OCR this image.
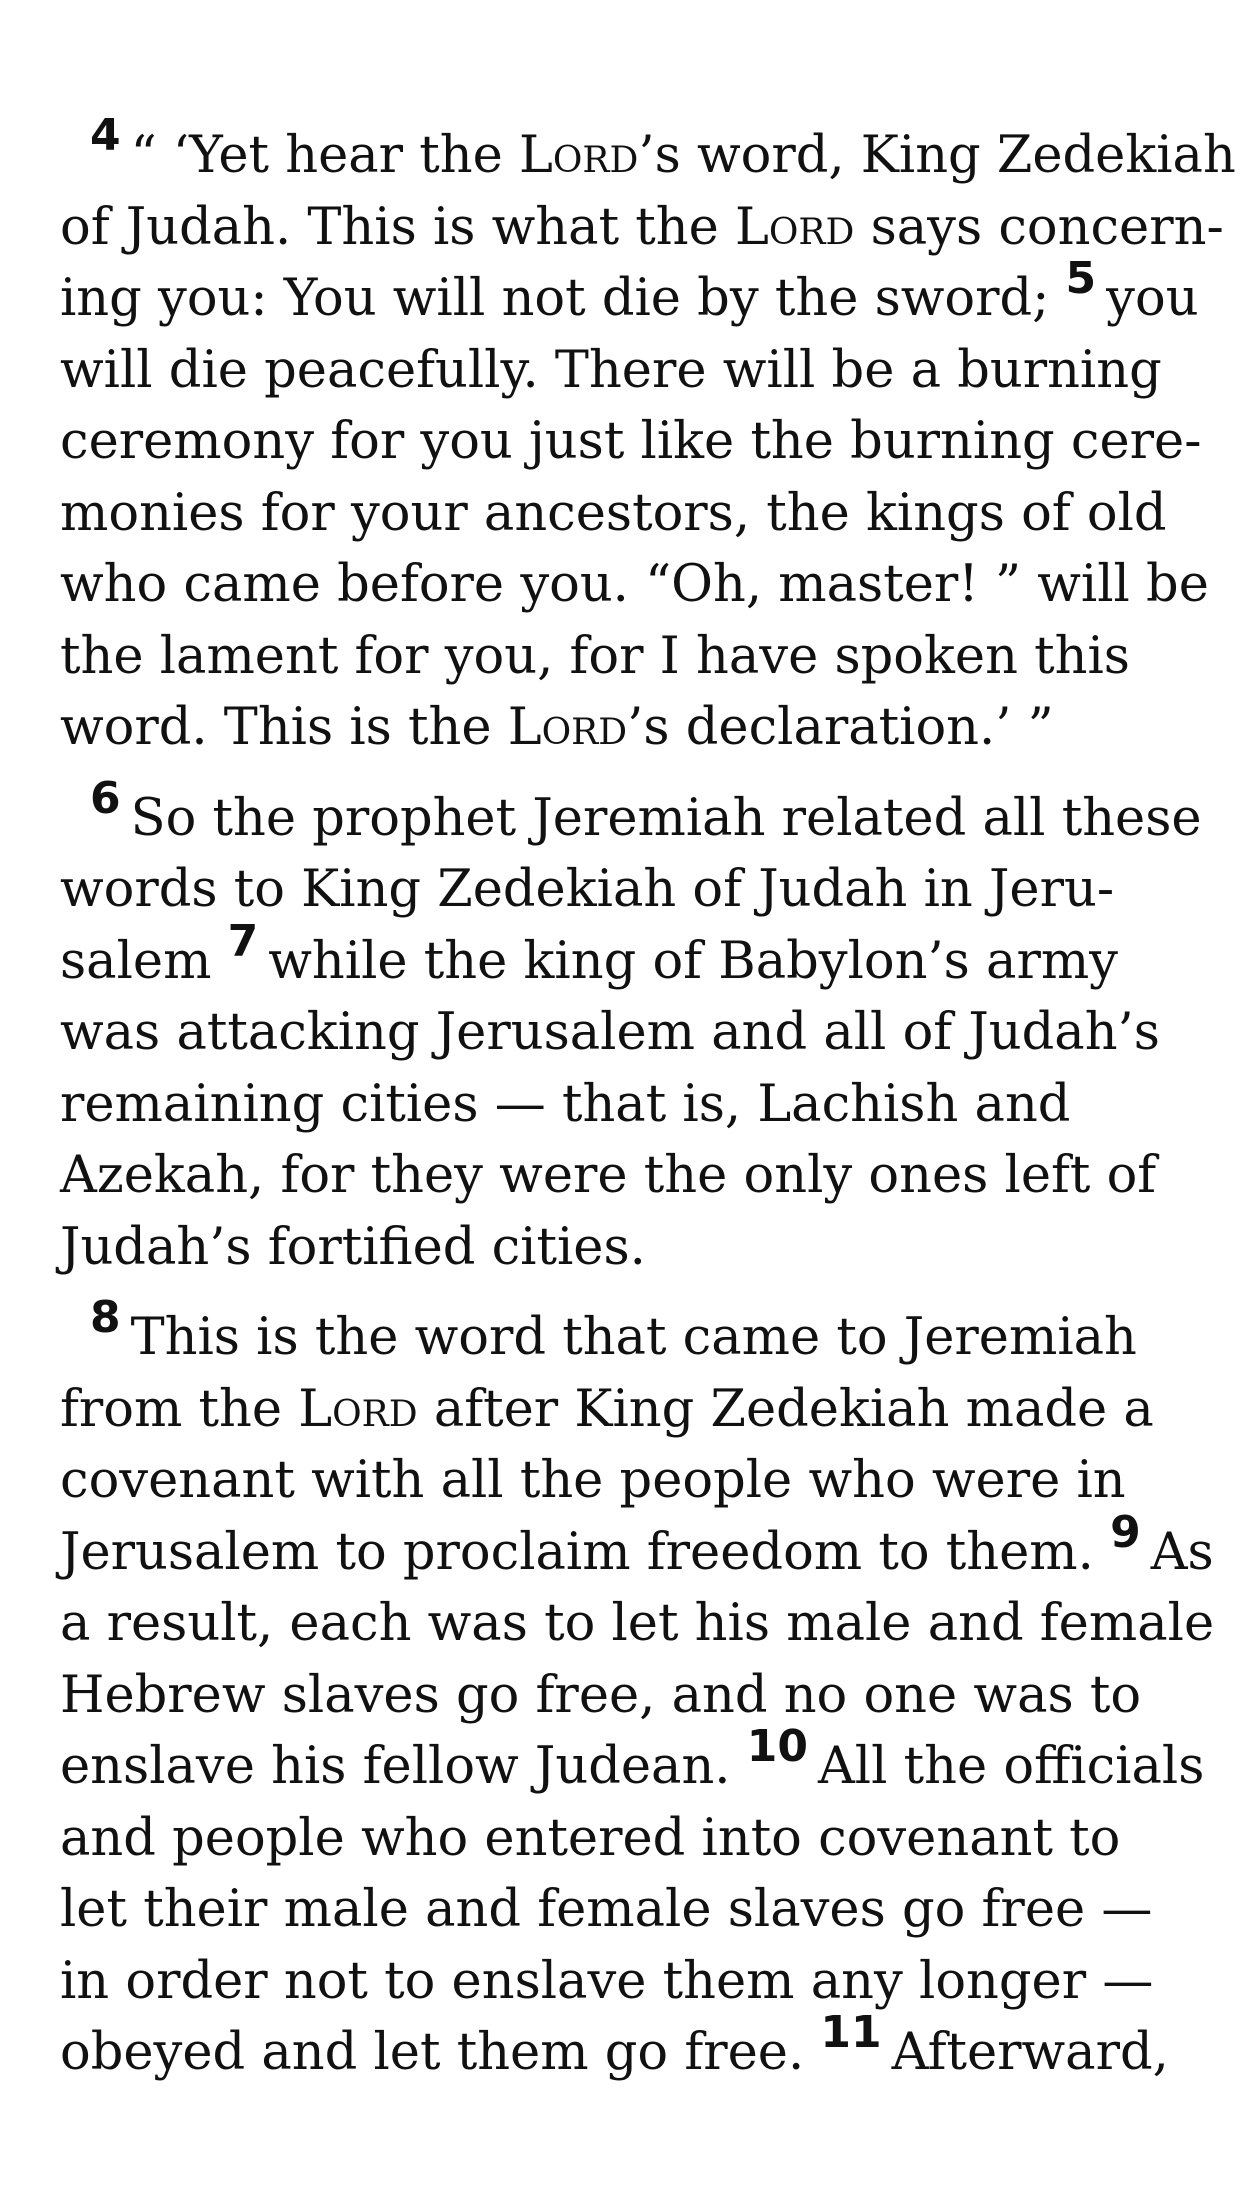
4 “ ‘Yet hear the Lord’s word, King Zedekiah
of Judah. This is what the Lord says concern-
ing you: You will not die by the sword; 5 you
will die peacefully. There will be a burning
ceremony for you just like the burning cere-
monies for your ancestors, the kings of old
who came before you. “Oh, master! ” will be
the lament for you, for I have spoken this
word. This is the Lord’s declaration.’ ”
6 So the prophet Jeremiah related all these
words to King Zedekiah of Judah in Jeru-
salem 7 while the king of Babylon’s army
was attacking Jerusalem and all of Judah’s
remaining cities — that is, Lachish and
Azekah, for they were the only ones left of
Judah’s fortified cities.
8 This is the word that came to Jeremiah
from the Lord after King Zedekiah made a
covenant with all the people who were in
Jerusalem to proclaim freedom to them. 9 As
a result, each was to let his male and female
Hebrew slaves go free, and no one was to
enslave his fellow Judean. 10 All the officials
and people who entered into covenant to
let their male and female slaves go free —
in order not to enslave them any longer —
obeyed and let them go free. 11 Afterward,
